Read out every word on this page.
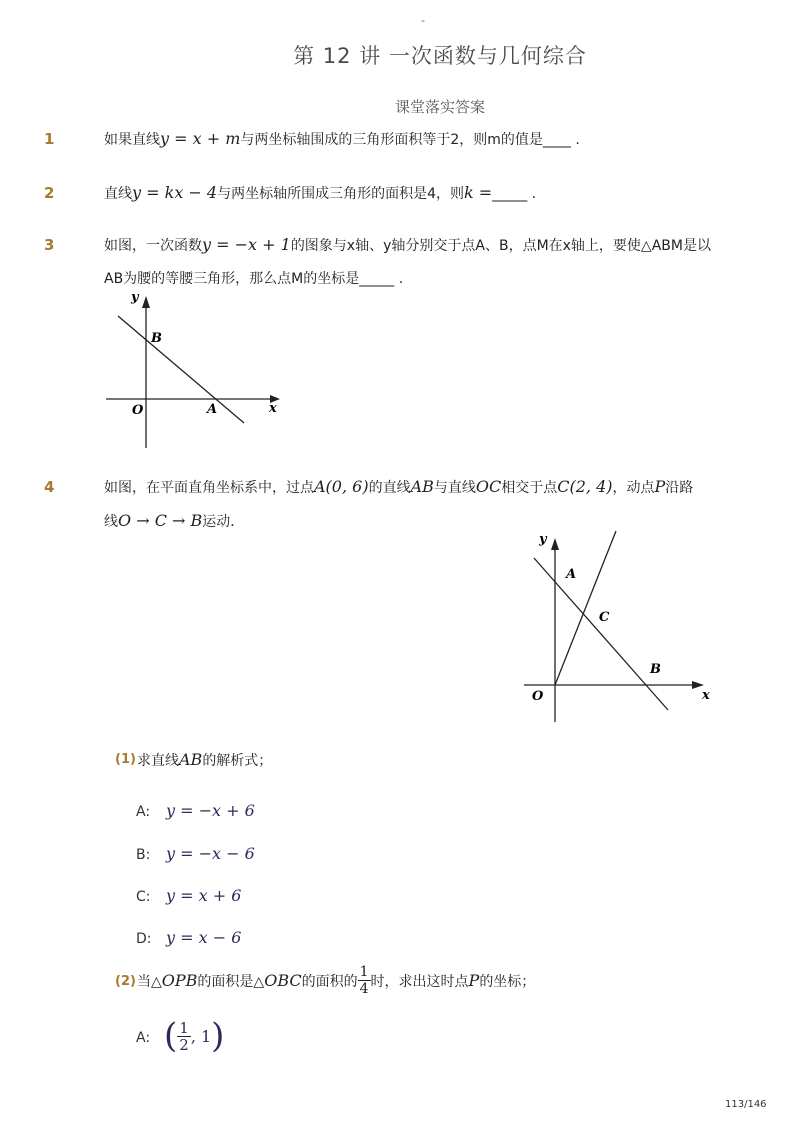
-
第 12 讲 一次函数与几何综合
课堂落实答案
1	如果直线y = x + m与两坐标轴围成的三角形面积等于2，则m的值是____ .
2	直线y = kx − 4与两坐标轴所围成三角形的面积是4，则k =_____ .
3	如图，一次函数y = −x + 1的图象与x轴、y轴分别交于点A、B，点M在x轴上，要使△ABM是以
AB为腰的等腰三角形，那么点M的坐标是_____ .
y
x
O	A
B
4	如图，在平面直角坐标系中，过点A(0, 6)的直线AB与直线OC相交于点C(2, 4)，动点P沿路
线O → C → B运动．
y
x
O
A
C
B
(1) 求直线AB的解析式；
A: y = −x + 6
B: y = −x − 6
C: y = x + 6
D: y = x − 6
(2) 当△ OPB 的面积是△ OBC 的面积的 $\frac{1}{4}$ 时，求出这时点 P 的坐标；
A: ( $\frac{1}{2}$ , 1 )
113/146
